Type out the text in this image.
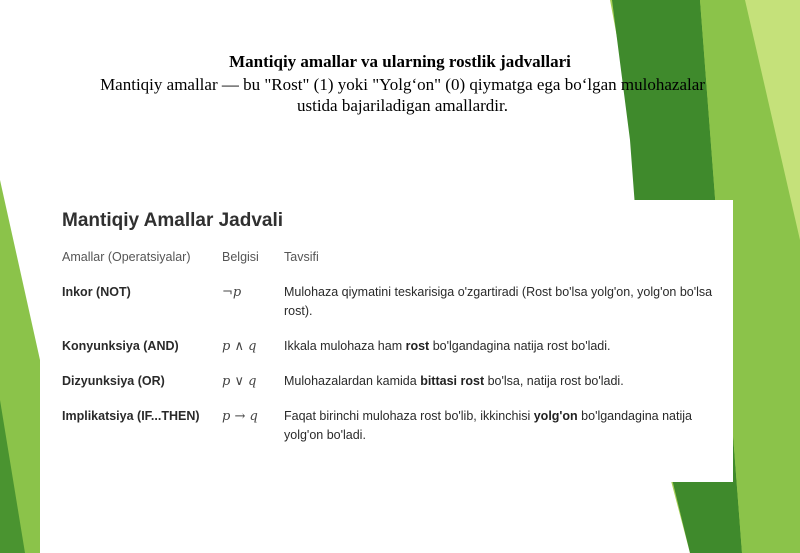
Mantiqiy amallar va ularning rostlik jadvallari
Mantiqiy amallar — bu "Rost" (1) yoki "Yolg‘on" (0) qiymatga ega bo‘lgan mulohazalar ustida bajariladigan amallardir.
Mantiqiy Amallar Jadvali
Amallar (Operatsiyalar)	Belgisi	Tavsifi
Inkor (NOT)	¬p	Mulohaza qiymatini teskarisiga o'zgartiradi (Rost bo'lsa yolg'on, yolg'on bo'lsa rost).
Konyunksiya (AND)	p ∧ q	Ikkala mulohaza ham rost bo'lgandagina natija rost bo'ladi.
Dizyunksiya (OR)	p ∨ q	Mulohazalardan kamida bittasi rost bo'lsa, natija rost bo'ladi.
Implikatsiya (IF...THEN)	p → q	Faqat birinchi mulohaza rost bo'lib, ikkinchisi yolg'on bo'lgandagina natija yolg'on bo'ladi.
